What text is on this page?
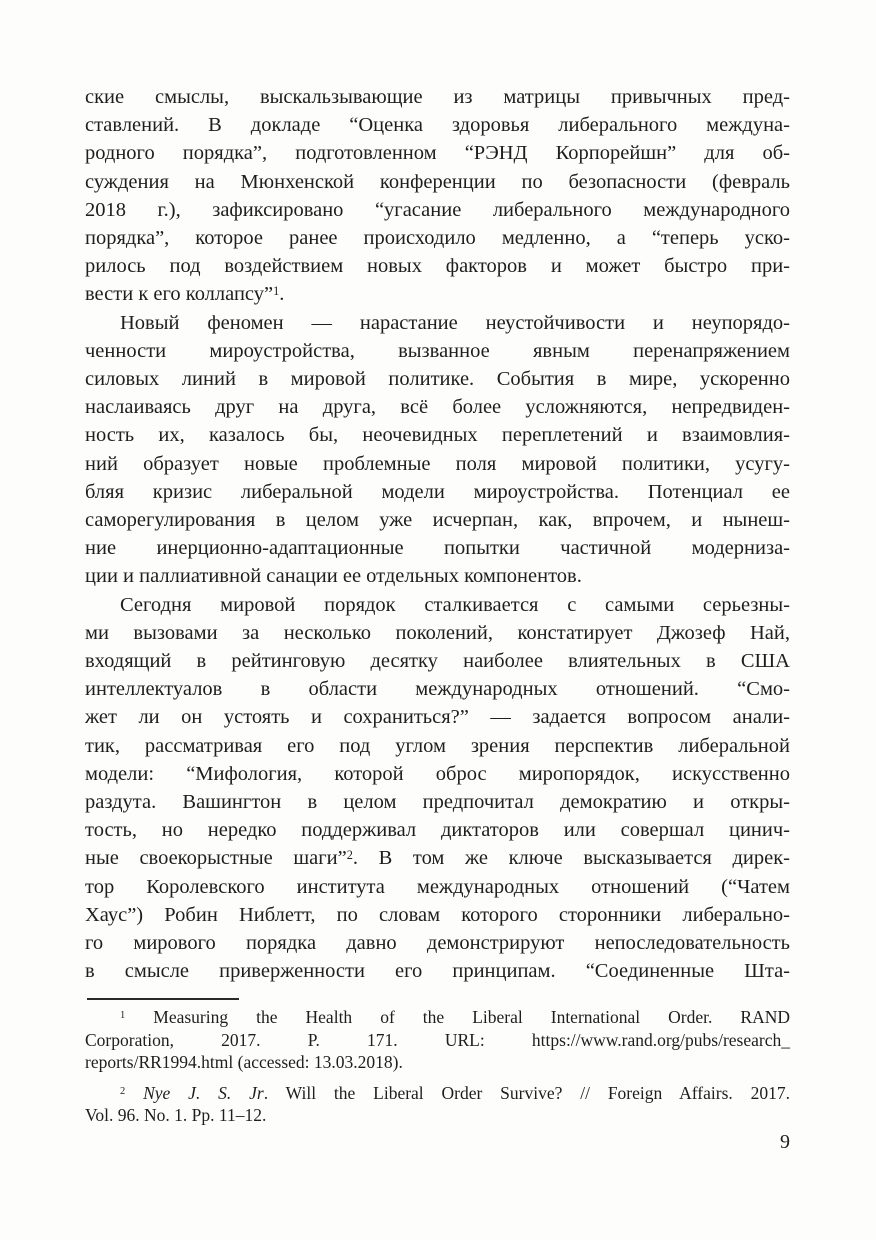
ские смыслы, выскальзывающие из матрицы привычных пред-
ставлений. В докладе “Оценка здоровья либерального междуна-
родного порядка”, подготовленном “РЭНД Корпорейшн” для об-
суждения на Мюнхенской конференции по безопасности (февраль
2018 г.), зафиксировано “угасание либерального международного
порядка”, которое ранее происходило медленно, а “теперь уско-
рилось под воздействием новых факторов и может быстро при-
вести к его коллапсу”$^1$.
Новый феномен — нарастание неустойчивости и неупорядо-
ченности мироустройства, вызванное явным перенапряжением
силовых линий в мировой политике. События в мире, ускоренно
наслаиваясь друг на друга, всё более усложняются, непредвиден-
ность их, казалось бы, неочевидных переплетений и взаимовлия-
ний образует новые проблемные поля мировой политики, усугу-
бляя кризис либеральной модели мироустройства. Потенциал ее
саморегулирования в целом уже исчерпан, как, впрочем, и нынеш-
ние инерционно-адаптационные попытки частичной модерниза-
ции и паллиативной санации ее отдельных компонентов.
Сегодня мировой порядок сталкивается с самыми серьезны-
ми вызовами за несколько поколений, констатирует Джозеф Най,
входящий в рейтинговую десятку наиболее влиятельных в США
интеллектуалов в области международных отношений. “Смо-
жет ли он устоять и сохраниться?” — задается вопросом анали-
тик, рассматривая его под углом зрения перспектив либеральной
модели: “Мифология, которой оброс миропорядок, искусственно
раздута. Вашингтон в целом предпочитал демократию и откры-
тость, но нередко поддерживал диктаторов или совершал цинич-
ные своекорыстные шаги”$^2$. В том же ключе высказывается дирек-
тор Королевского института международных отношений (“Чатем
Хаус”) Робин Ниблетт, по словам которого сторонники либерально-
го мирового порядка давно демонстрируют непоследовательность
в смысле приверженности его принципам. “Соединенные Шта-
$^1$ Measuring the Health of the Liberal International Order. RAND
Corporation, 2017. P. 171. URL: https://www.rand.org/pubs/research_
reports/RR1994.html (accessed: 13.03.2018).
$^2$ Nye J. S. Jr. Will the Liberal Order Survive? // Foreign Affairs. 2017.
Vol. 96. No. 1. Pp. 11–12.
9
